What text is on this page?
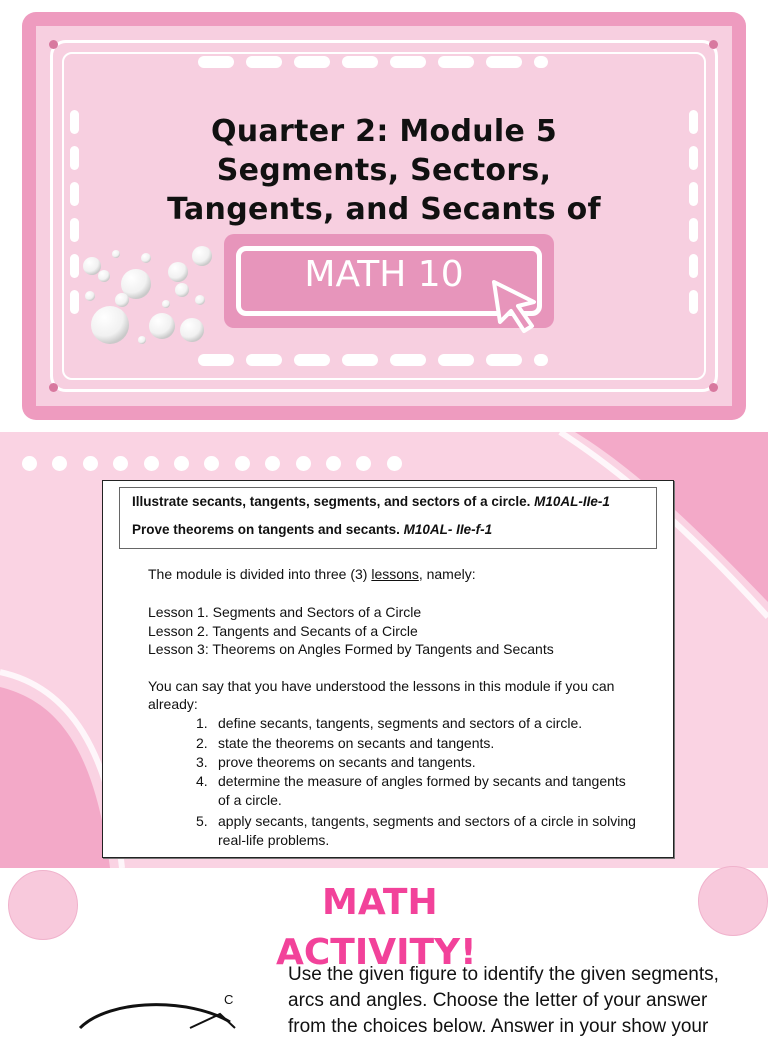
Quarter 2: Module 5
Segments, Sectors,
Tangents, and Secants of
MATH 10
Illustrate secants, tangents, segments, and sectors of a circle. M10AL-IIe-1
Prove theorems on tangents and secants. M10AL- IIe-f-1
The module is divided into three (3) lessons, namely:
Lesson 1. Segments and Sectors of a Circle
Lesson 2. Tangents and Secants of a Circle
Lesson 3: Theorems on Angles Formed by Tangents and Secants
You can say that you have understood the lessons in this module if you can
already:
1. define secants, tangents, segments and sectors of a circle.
2. state the theorems on secants and tangents.
3. prove theorems on secants and tangents.
4. determine the measure of angles formed by secants and tangents
of a circle.
5. apply secants, tangents, segments and sectors of a circle in solving
real-life problems.
MATH
ACTIVITY!
Use the given figure to identify the given segments,
arcs and angles. Choose the letter of your answer
from the choices below. Answer in your show your
C
